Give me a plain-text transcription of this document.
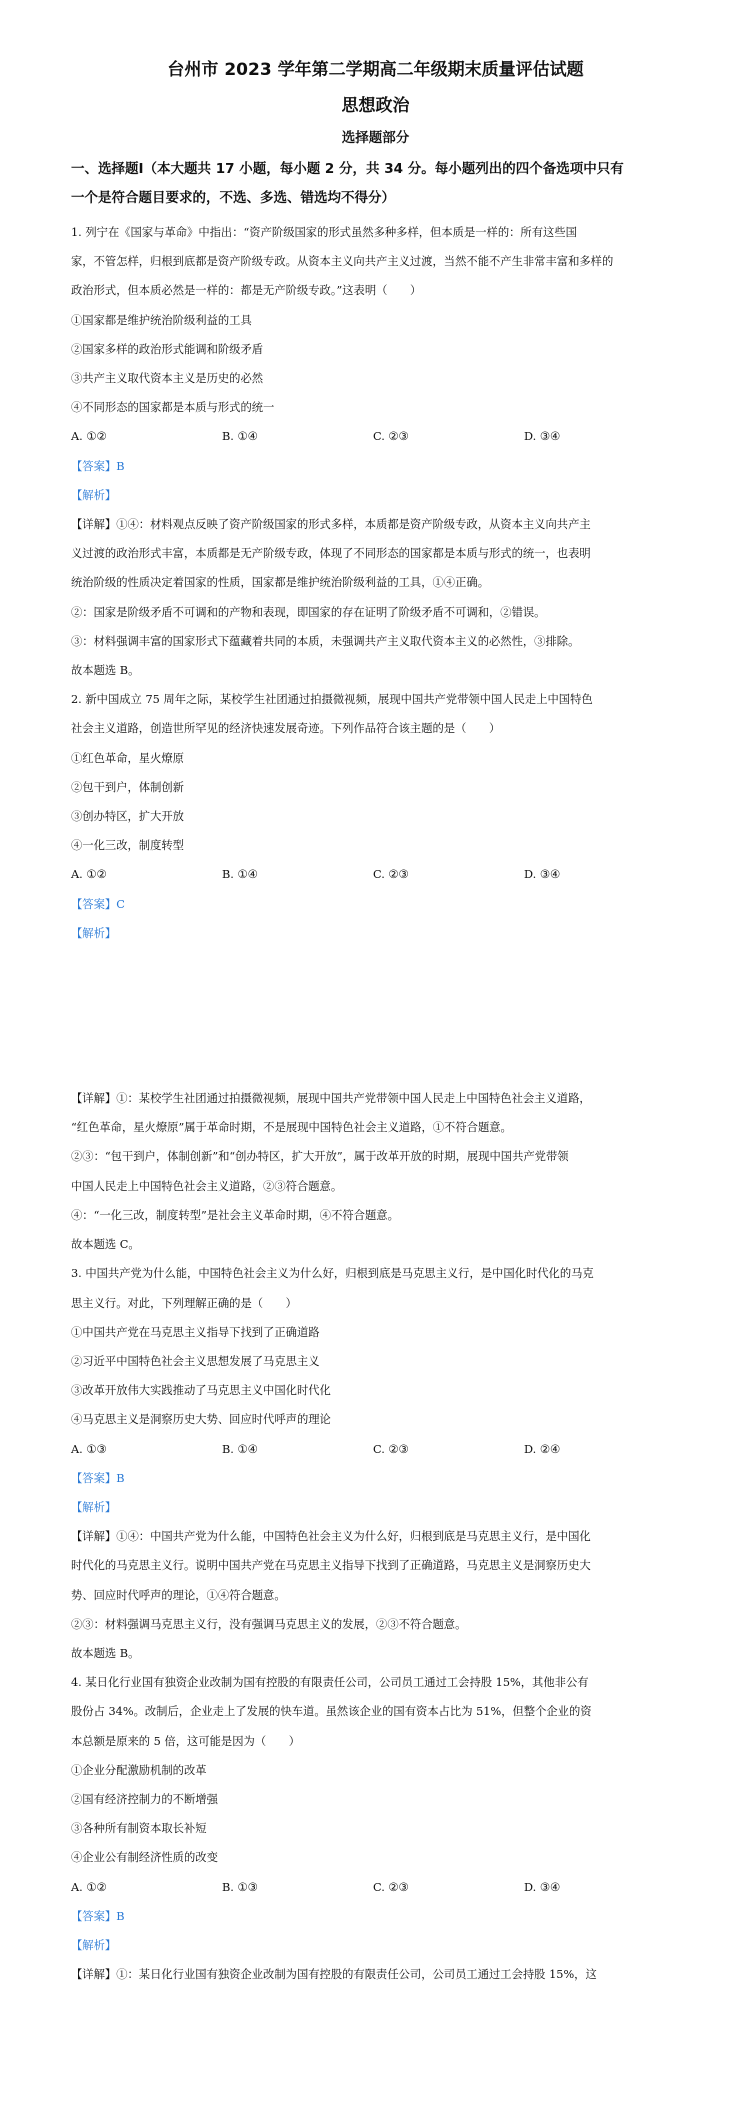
台州市 2023 学年第二学期高二年级期末质量评估试题
思想政治
选择题部分
一、选择题Ⅰ（本大题共 17 小题，每小题 2 分，共 34 分。每小题列出的四个备选项中只有
一个是符合题目要求的，不选、多选、错选均不得分）
1. 列宁在《国家与革命》中指出：“资产阶级国家的形式虽然多种多样，但本质是一样的：所有这些国
家，不管怎样，归根到底都是资产阶级专政。从资本主义向共产主义过渡，当然不能不产生非常丰富和多样的
政治形式，但本质必然是一样的：都是无产阶级专政。”这表明（　　）
①国家都是维护统治阶级利益的工具
②国家多样的政治形式能调和阶级矛盾
③共产主义取代资本主义是历史的必然
④不同形态的国家都是本质与形式的统一
A. ①②	B. ①④	C. ②③	D. ③④
【答案】B
【解析】
【详解】①④：材料观点反映了资产阶级国家的形式多样，本质都是资产阶级专政，从资本主义向共产主
义过渡的政治形式丰富，本质都是无产阶级专政，体现了不同形态的国家都是本质与形式的统一，也表明
统治阶级的性质决定着国家的性质，国家都是维护统治阶级利益的工具，①④正确。
②：国家是阶级矛盾不可调和的产物和表现，即国家的存在证明了阶级矛盾不可调和，②错误。
③：材料强调丰富的国家形式下蕴藏着共同的本质，未强调共产主义取代资本主义的必然性，③排除。
故本题选 B。
2. 新中国成立 75 周年之际，某校学生社团通过拍摄微视频，展现中国共产党带领中国人民走上中国特色
社会主义道路，创造世所罕见的经济快速发展奇迹。下列作品符合该主题的是（　　）
①红色革命，星火燎原
②包干到户，体制创新
③创办特区，扩大开放
④一化三改，制度转型
A. ①②	B. ①④	C. ②③	D. ③④
【答案】C
【解析】
【详解】①：某校学生社团通过拍摄微视频，展现中国共产党带领中国人民走上中国特色社会主义道路，
“红色革命，星火燎原”属于革命时期，不是展现中国特色社会主义道路，①不符合题意。
②③：“包干到户，体制创新”和“创办特区，扩大开放”，属于改革开放的时期，展现中国共产党带领
中国人民走上中国特色社会主义道路，②③符合题意。
④：“一化三改，制度转型”是社会主义革命时期，④不符合题意。
故本题选 C。
3. 中国共产党为什么能，中国特色社会主义为什么好，归根到底是马克思主义行，是中国化时代化的马克
思主义行。对此，下列理解正确的是（　　）
①中国共产党在马克思主义指导下找到了正确道路
②习近平中国特色社会主义思想发展了马克思主义
③改革开放伟大实践推动了马克思主义中国化时代化
④马克思主义是洞察历史大势、回应时代呼声的理论
A. ①③	B. ①④	C. ②③	D. ②④
【答案】B
【解析】
【详解】①④：中国共产党为什么能，中国特色社会主义为什么好，归根到底是马克思主义行，是中国化
时代化的马克思主义行。说明中国共产党在马克思主义指导下找到了正确道路，马克思主义是洞察历史大
势、回应时代呼声的理论，①④符合题意。
②③：材料强调马克思主义行，没有强调马克思主义的发展，②③不符合题意。
故本题选 B。
4. 某日化行业国有独资企业改制为国有控股的有限责任公司，公司员工通过工会持股 15%，其他非公有
股份占 34%。改制后，企业走上了发展的快车道。虽然该企业的国有资本占比为 51%，但整个企业的资
本总额是原来的 5 倍，这可能是因为（　　）
①企业分配激励机制的改革
②国有经济控制力的不断增强
③各种所有制资本取长补短
④企业公有制经济性质的改变
A. ①②	B. ①③	C. ②③	D. ③④
【答案】B
【解析】
【详解】①：某日化行业国有独资企业改制为国有控股的有限责任公司，公司员工通过工会持股 15%，这
